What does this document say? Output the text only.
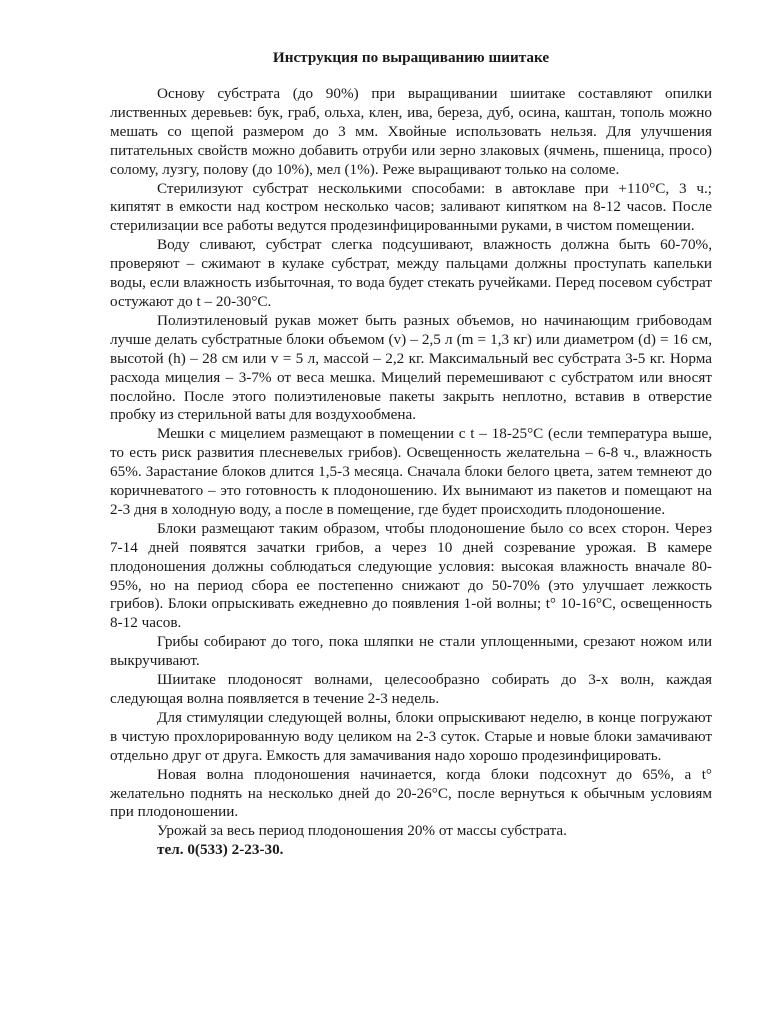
Инструкция по выращиванию шиитаке

Основу субстрата (до 90%) при выращивании шиитаке составляют опилки лиственных деревьев: бук, граб, ольха, клен, ива, береза, дуб, осина, каштан, тополь можно мешать со щепой размером до 3 мм. Хвойные использовать нельзя. Для улучшения питательных свойств можно добавить отруби или зерно злаковых (ячмень, пшеница, просо) солому, лузгу, полову (до 10%), мел (1%). Реже выращивают только на соломе.

Стерилизуют субстрат несколькими способами: в автоклаве при +110°С, 3 ч.; кипятят в емкости над костром несколько часов; заливают кипятком на 8-12 часов. После стерилизации все работы ведутся продезинфицированными руками, в чистом помещении.

Воду сливают, субстрат слегка подсушивают, влажность должна быть 60-70%, проверяют – сжимают в кулаке субстрат, между пальцами должны проступать капельки воды, если влажность избыточная, то вода будет стекать ручейками. Перед посевом субстрат остужают до t – 20-30°С.

Полиэтиленовый рукав может быть разных объемов, но начинающим грибоводам лучше делать субстратные блоки объемом (v) – 2,5 л (m = 1,3 кг) или диаметром (d) = 16 см, высотой (h) – 28 см или v = 5 л, массой – 2,2 кг. Максимальный вес субстрата 3-5 кг. Норма расхода мицелия – 3-7% от веса мешка. Мицелий перемешивают с субстратом или вносят послойно. После этого полиэтиленовые пакеты закрыть неплотно, вставив в отверстие пробку из стерильной ваты для воздухообмена.

Мешки с мицелием размещают в помещении с t – 18-25°С (если температура выше, то есть риск развития плесневелых грибов). Освещенность желательна – 6-8 ч., влажность 65%. Зарастание блоков длится 1,5-3 месяца. Сначала блоки белого цвета, затем темнеют до коричневатого – это готовность к плодоношению. Их вынимают из пакетов и помещают на 2-3 дня в холодную воду, а после в помещение, где будет происходить плодоношение.

Блоки размещают таким образом, чтобы плодоношение было со всех сторон. Через 7-14 дней появятся зачатки грибов, а через 10 дней созревание урожая. В камере плодоношения должны соблюдаться следующие условия: высокая влажность вначале 80-95%, но на период сбора ее постепенно снижают до 50-70% (это улучшает лежкость грибов). Блоки опрыскивать ежедневно до появления 1-ой волны; t° 10-16°С, освещенность 8-12 часов.

Грибы собирают до того, пока шляпки не стали уплощенными, срезают ножом или выкручивают.

Шиитаке плодоносят волнами, целесообразно собирать до 3-х волн, каждая следующая волна появляется в течение 2-3 недель.

Для стимуляции следующей волны, блоки опрыскивают неделю, в конце погружают в чистую прохлорированную воду целиком на 2-3 суток. Старые и новые блоки замачивают отдельно друг от друга. Емкость для замачивания надо хорошо продезинфицировать.

Новая волна плодоношения начинается, когда блоки подсохнут до 65%, а t° желательно поднять на несколько дней до 20-26°С, после вернуться к обычным условиям при плодоношении.

Урожай за весь период плодоношения 20% от массы субстрата.

тел. 0(533) 2-23-30.
